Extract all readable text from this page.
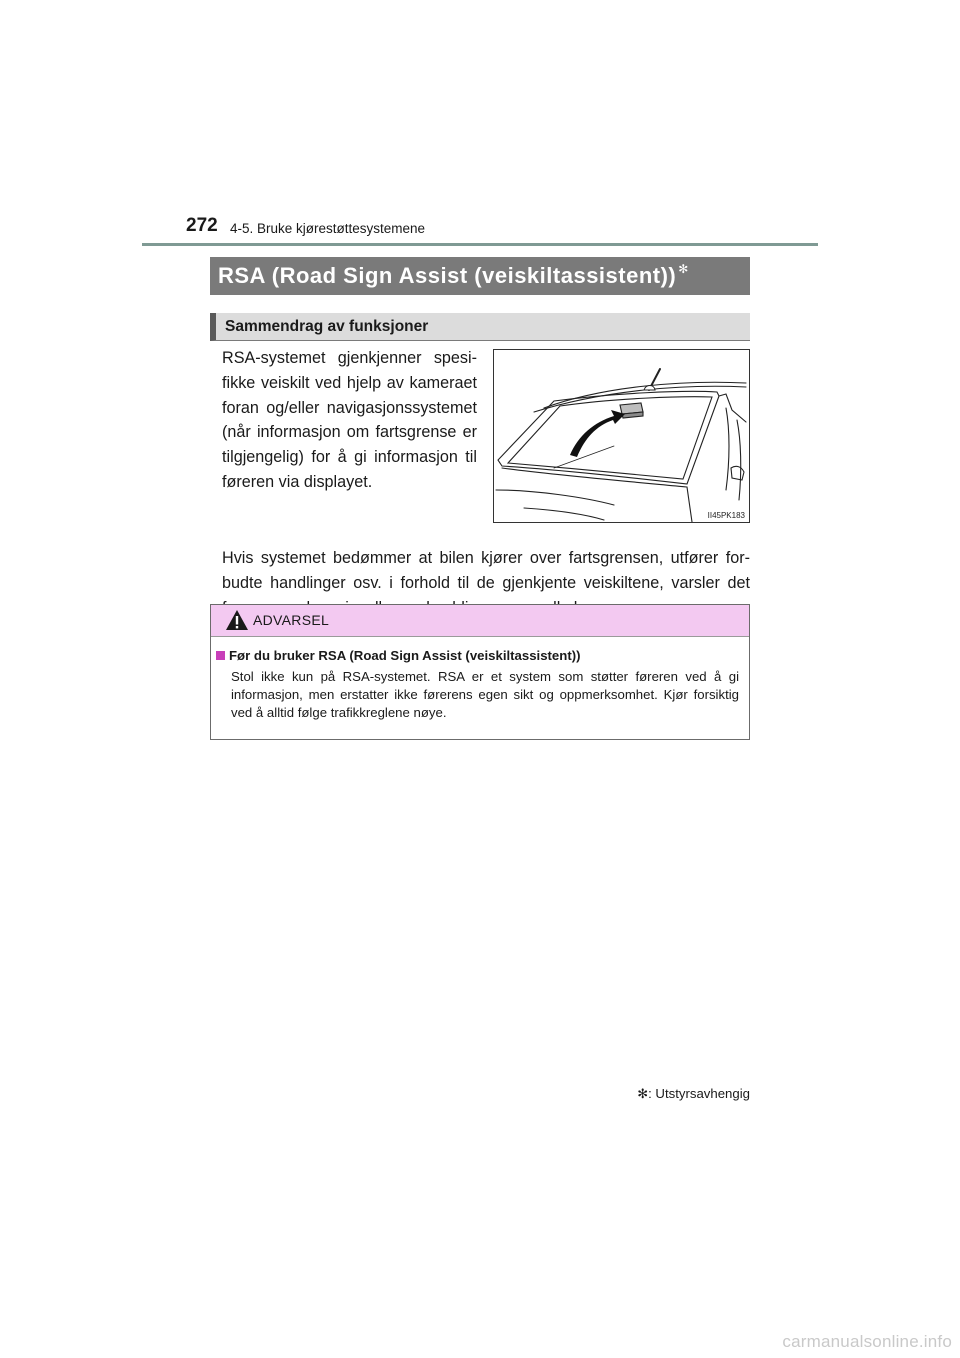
272 4-5. Bruke kjørestøttesystemene
RSA (Road Sign Assist (veiskiltassistent)) ✻
Sammendrag av funksjoner
RSA-systemet gjenkjenner spesifikke veiskilt ved hjelp av kameraet foran og/eller navigasjonssystemet (når informasjon om fartsgrense er tilgjengelig) for å gi informasjon til føreren via displayet.
II45PK183
Hvis systemet bedømmer at bilen kjører over fartsgrensen, utfører forbudte handlinger osv. i forhold til de gjenkjente veiskiltene, varsler det
ADVARSEL
Før du bruker RSA (Road Sign Assist (veiskiltassistent))
Stol ikke kun på RSA-systemet. RSA er et system som støtter føreren ved å gi informasjon, men erstatter ikke førerens egen sikt og oppmerksomhet. Kjør forsiktig ved å alltid følge trafikkreglene nøye.
✻: Utstyrsavhengig
carmanualsonline.info
